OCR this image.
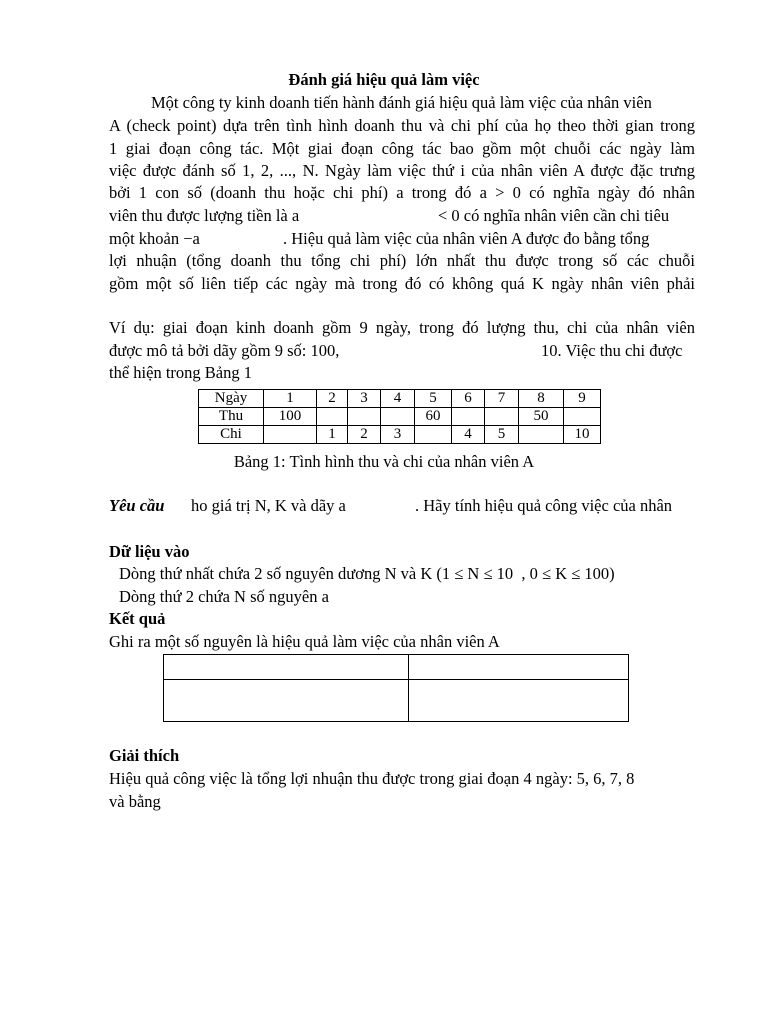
Đánh giá hiệu quả làm việc
Một công ty kinh doanh tiến hành đánh giá hiệu quả làm việc của nhân viên
A (check point) dựa trên tình hình doanh thu và chi phí của họ theo thời gian trong
1 giai đoạn công tác. Một giai đoạn công tác bao gồm một chuỗi các ngày làm
việc được đánh số 1, 2, ..., N. Ngày làm việc thứ i của nhân viên A được đặc trưng
bởi 1 con số (doanh thu hoặc chi phí) a trong đó a > 0 có nghĩa ngày đó nhân
viên thu được lượng tiền là a	< 0 có nghĩa nhân viên cần chi tiêu
một khoản −a	. Hiệu quả làm việc của nhân viên A được đo bằng tổng
lợi nhuận (tổng doanh thu tổng chi phí) lớn nhất thu được trong số các chuỗi
gồm một số liên tiếp các ngày mà trong đó có không quá K ngày nhân viên phải
Ví dụ: giai đoạn kinh doanh gồm 9 ngày, trong đó lượng thu, chi của nhân viên
được mô tả bởi dãy gồm 9 số: 100,	10. Việc thu chi được
thể hiện trong Bảng 1
Ngày	1	2	3	4	5	6	7	8	9
Thu	100				60			50	
Chi		1	2	3		4	5		10
Bảng 1: Tình hình thu và chi của nhân viên A
Yêu cầu ho giá trị N, K và dãy a	. Hãy tính hiệu quả công việc của nhân
Dữ liệu vào
Dòng thứ nhất chứa 2 số nguyên dương N và K (1 ≤ N ≤ 10  , 0 ≤ K ≤ 100)
Dòng thứ 2 chứa N số nguyên a
Kết quả
Ghi ra một số nguyên là hiệu quả làm việc của nhân viên A
Giải thích
Hiệu quả công việc là tổng lợi nhuận thu được trong giai đoạn 4 ngày: 5, 6, 7, 8
và bằng
